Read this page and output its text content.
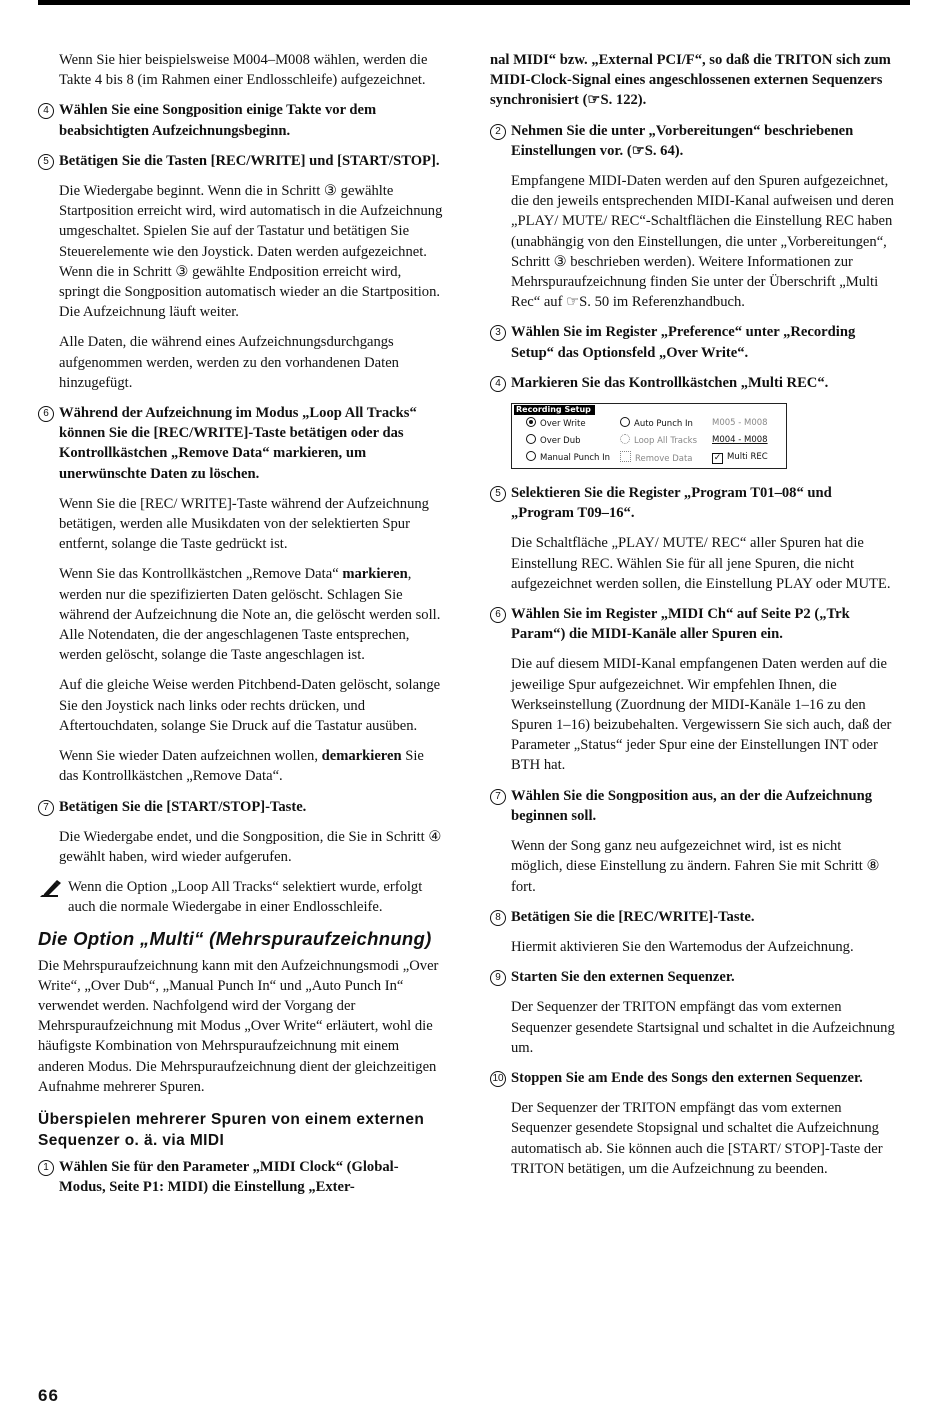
Wenn Sie hier beispielsweise M004–M008 wählen, werden die Takte 4 bis 8 (im Rahmen einer Endlosschleife) aufgezeichnet.

4 Wählen Sie eine Songposition einige Takte vor dem beabsichtigten Aufzeichnungsbeginn.
5 Betätigen Sie die Tasten [REC/WRITE] und [START/STOP].

Die Wiedergabe beginnt. Wenn die in Schritt ③ gewählte Startposition erreicht wird, wird automatisch in die Aufzeichnung umgeschaltet. Spielen Sie auf der Tastatur und betätigen Sie Steuerelemente wie den Joystick. Daten werden aufgezeichnet. Wenn die in Schritt ③ gewählte Endposition erreicht wird, springt die Songposition automatisch wieder an die Startposition. Die Aufzeichnung läuft weiter.

Alle Daten, die während eines Aufzeichnungsdurchgangs aufgenommen werden, werden zu den vorhandenen Daten hinzugefügt.

6 Während der Aufzeichnung im Modus „Loop All Tracks“ können Sie die [REC/WRITE]-Taste betätigen oder das Kontrollkästchen „Remove Data“ markieren, um unerwünschte Daten zu löschen.

Wenn Sie die [REC/ WRITE]-Taste während der Aufzeichnung betätigen, werden alle Musikdaten von der selektierten Spur entfernt, solange die Taste gedrückt ist.

Wenn Sie das Kontrollkästchen „Remove Data“ markieren, werden nur die spezifizierten Daten gelöscht. Schlagen Sie während der Aufzeichnung die Note an, die gelöscht werden soll. Alle Notendaten, die der angeschlagenen Taste entsprechen, werden gelöscht, solange die Taste angeschlagen ist.

Auf die gleiche Weise werden Pitchbend-Daten gelöscht, solange Sie den Joystick nach links oder rechts drücken, und Aftertouchdaten, solange Sie Druck auf die Tastatur ausüben.

Wenn Sie wieder Daten aufzeichnen wollen, demarkieren Sie das Kontrollkästchen „Remove Data“.

7 Betätigen Sie die [START/STOP]-Taste.

Die Wiedergabe endet, und die Songposition, die Sie in Schritt ④ gewählt haben, wird wieder aufgerufen.

Wenn die Option „Loop All Tracks“ selektiert wurde, erfolgt auch die normale Wiedergabe in einer Endlosschleife.
Die Option „Multi“ (Mehrspuraufzeichnung)

Die Mehrspuraufzeichnung kann mit den Aufzeichnungsmodi „Over Write“, „Over Dub“, „Manual Punch In“ und „Auto Punch In“ verwendet werden. Nachfolgend wird der Vorgang der Mehrspuraufzeichnung mit Modus „Over Write“ erläutert, wohl die häufigste Kombination von Mehrspuraufzeichnung mit einem anderen Modus. Die Mehrspuraufzeichnung dient der gleichzeitigen Aufnahme mehrerer Spuren.

Überspielen mehrerer Spuren von einem externen Sequenzer o. ä. via MIDI
1 Wählen Sie für den Parameter „MIDI Clock“ (Global-Modus, Seite P1: MIDI) die Einstellung „Exter-

nal MIDI“ bzw. „External PCI/F“, so daß die TRITON sich zum MIDI-Clock-Signal eines angeschlossenen externen Sequenzers synchronisiert (☞S. 122).

2 Nehmen Sie die unter „Vorbereitungen“ beschriebenen Einstellungen vor. (☞S. 64).

Empfangene MIDI-Daten werden auf den Spuren aufgezeichnet, die den jeweils entsprechenden MIDI-Kanal aufweisen und deren „PLAY/ MUTE/ REC“-Schaltflächen die Einstellung REC haben (unabhängig von den Einstellungen, die unter „Vorbereitungen“, Schritt ③ beschrieben werden). Weitere Informationen zur Mehrspuraufzeichnung finden Sie unter der Überschrift „Multi Rec“ auf ☞S. 50 im Referenzhandbuch.

3 Wählen Sie im Register „Preference“ unter „Recording Setup“ das Optionsfeld „Over Write“.
4 Markieren Sie das Kontrollkästchen „Multi REC“.
Recording Setup
Over Write
Over Dub
Manual Punch In
Auto Punch In
Loop All Tracks
Remove Data
M005 - M008
M004 - M008
✓ Multi REC
5 Selektieren Sie die Register „Program T01–08“ und „Program T09–16“.

Die Schaltfläche „PLAY/ MUTE/ REC“ aller Spuren hat die Einstellung REC. Wählen Sie für all jene Spuren, die nicht aufgezeichnet werden sollen, die Einstellung PLAY oder MUTE.

6 Wählen Sie im Register „MIDI Ch“ auf Seite P2 („Trk Param“) die MIDI-Kanäle aller Spuren ein.

Die auf diesem MIDI-Kanal empfangenen Daten werden auf die jeweilige Spur aufgezeichnet. Wir empfehlen Ihnen, die Werkseinstellung (Zuordnung der MIDI-Kanäle 1–16 zu den Spuren 1–16) beizubehalten. Vergewissern Sie sich auch, daß der Parameter „Status“ jeder Spur eine der Einstellungen INT oder BTH hat.

7 Wählen Sie die Songposition aus, an der die Aufzeichnung beginnen soll.

Wenn der Song ganz neu aufgezeichnet wird, ist es nicht möglich, diese Einstellung zu ändern. Fahren Sie mit Schritt ⑧ fort.

8 Betätigen Sie die [REC/WRITE]-Taste.

Hiermit aktivieren Sie den Wartemodus der Aufzeichnung.

9 Starten Sie den externen Sequenzer.

Der Sequenzer der TRITON empfängt das vom externen Sequenzer gesendete Startsignal und schaltet in die Aufzeichnung um.

10 Stoppen Sie am Ende des Songs den externen Sequenzer.

Der Sequenzer der TRITON empfängt das vom externen Sequenzer gesendete Stopsignal und schaltet die Aufzeichnung automatisch ab. Sie können auch die [START/ STOP]-Taste der TRITON betätigen, um die Aufzeichnung zu beenden.

66
